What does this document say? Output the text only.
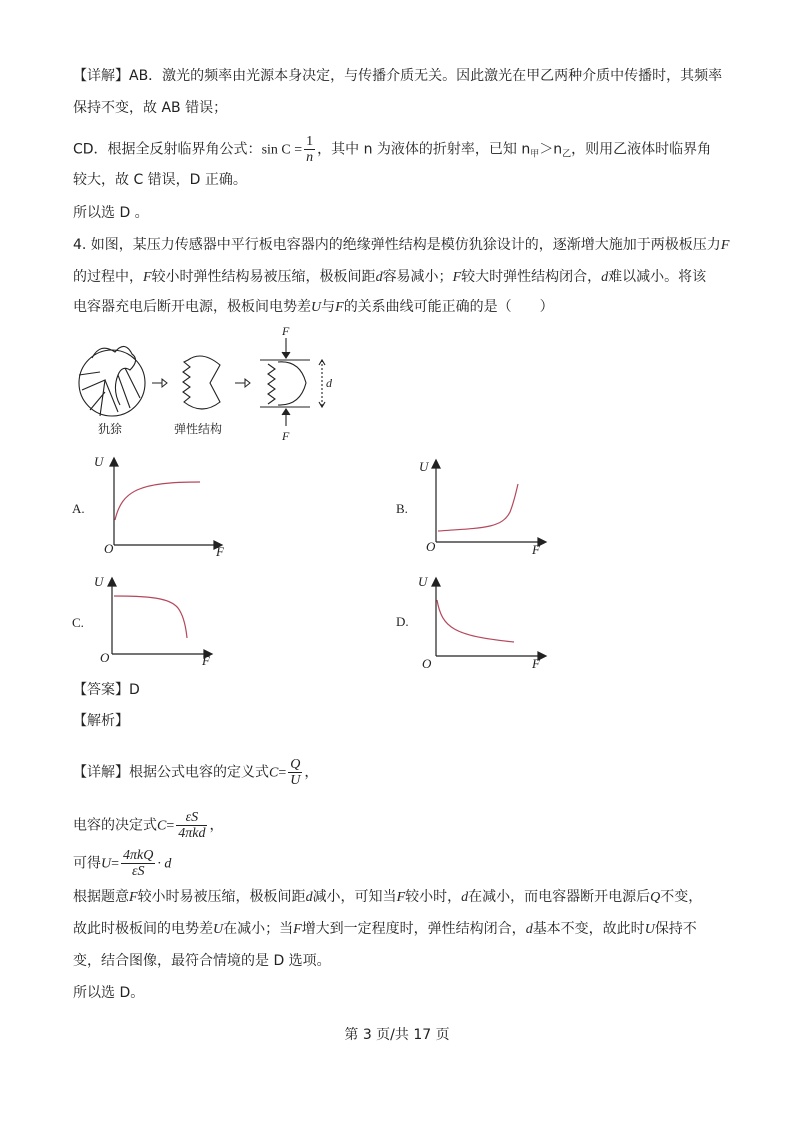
【详解】AB．激光的频率由光源本身决定，与传播介质无关。因此激光在甲乙两种介质中传播时，其频率
保持不变，故 AB 错误；
CD．根据全反射临界角公式：$\sin C = \frac{1}{n}$ ，其中 n 为液体的折射率，已知 $n_甲>n_乙$，则用乙液体时临界角
较大，故 C 错误，D 正确。
所以选 D 。
4. 如图，某压力传感器中平行板电容器内的绝缘弹性结构是模仿犰狳设计的，逐渐增大施加于两极板压力F
的过程中，F较小时弹性结构易被压缩，极板间距d容易减小；F较大时弹性结构闭合，d难以减小。将该
电容器充电后断开电源，极板间电势差U与F的关系曲线可能正确的是（　　）
犰狳	弹性结构
F
F
d
A.
U
F
O
B.
U
F
O
C.
U
F
O
D.
U
F
O
【答案】D
【解析】
【详解】根据公式电容的定义式$C= \frac{Q}{U}$ ，
电容的决定式$C= \frac{\varepsilon S}{\text{4πkd}}$ ，
可得$U= \frac{\text{4πkQ}}{\varepsilon S} \cdot d$
根据题意F较小时易被压缩，极板间距d减小，可知当F较小时，d在减小，而电容器断开电源后Q不变，
故此时极板间的电势差U在减小；当F增大到一定程度时，弹性结构闭合，d基本不变，故此时U保持不
变，结合图像，最符合情境的是 D 选项。
所以选 D。
第 3 页/共 17 页
